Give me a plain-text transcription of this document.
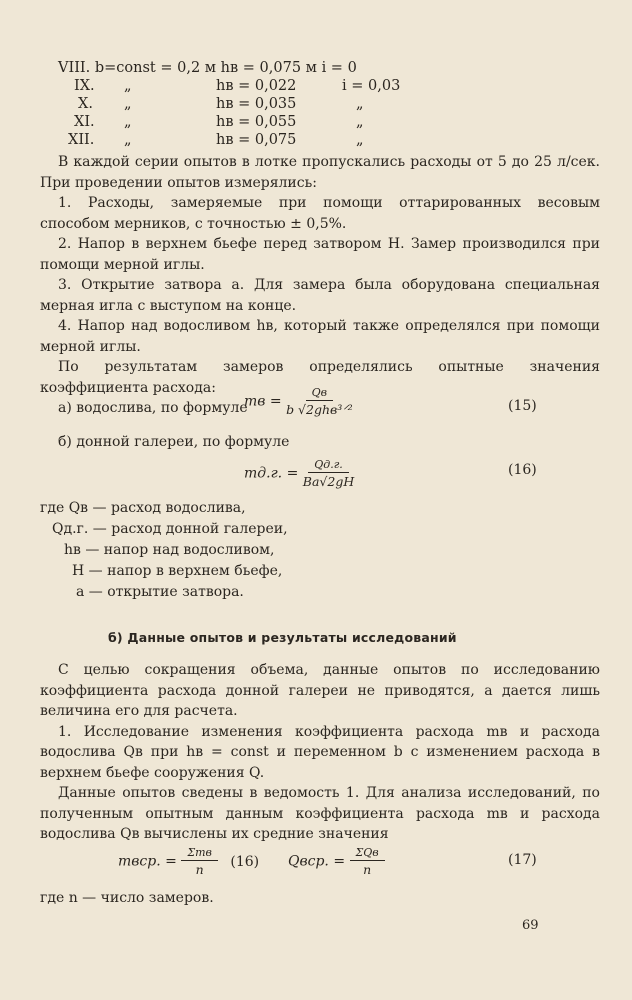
VIII. b=const = 0,2 м hв = 0,075 м i = 0
IX. „	hв = 0,022	i = 0,03
X. „	hв = 0,035	„
XI. „	hв = 0,055	„
XII. „	hв = 0,075	„

В каждой серии опытов в лотке пропускались расходы от 5 до 25 л/сек. При проведении опытов измерялись:

1. Расходы, замеряемые при помощи оттарированных весовым способом мерников, с точностью ± 0,5%.

2. Напор в верхнем бьефе перед затвором H. Замер производился при помощи мерной иглы.

3. Открытие затвора a. Для замера была оборудована специальная мерная игла с выступом на конце.

4. Напор над водосливом hв, который также определялся при помощи мерной иглы.

По результатам замеров определялись опытные значения коэффициента расхода:

а) водослива, по формуле

mв = $\frac{Qв}{\text{b √2ghв³ᐟ²}}$	(15)

б) донной галереи, по формуле

mд.г. = $\frac{Qд.г.}{Ba√2gH}$	(16)
где Qв — расход водослива,
Qд.г. — расход донной галереи,
hв — напор над водосливом,
H — напор в верхнем бьефе,
a — открытие затвора.
б) Данные опытов и результаты исследований

С целью сокращения объема, данные опытов по исследованию коэффициента расхода донной галереи не приводятся, а дается лишь величина его для расчета.

1. Исследование изменения коэффициента расхода mв и расхода водослива Qв при hв = const и переменном b с изменением расхода в верхнем бьефе сооружения Q.

Данные опытов сведены в ведомость 1. Для анализа исследований, по полученным опытным данным коэффициента расхода mв и расхода водослива Qв вычислены их средние значения

mвср. = $\frac{\text{Σmв}}{n} (16)$ Qвср. = $\frac{\text{ΣQв}}{n}$	(17)
где n — число замеров.
69
